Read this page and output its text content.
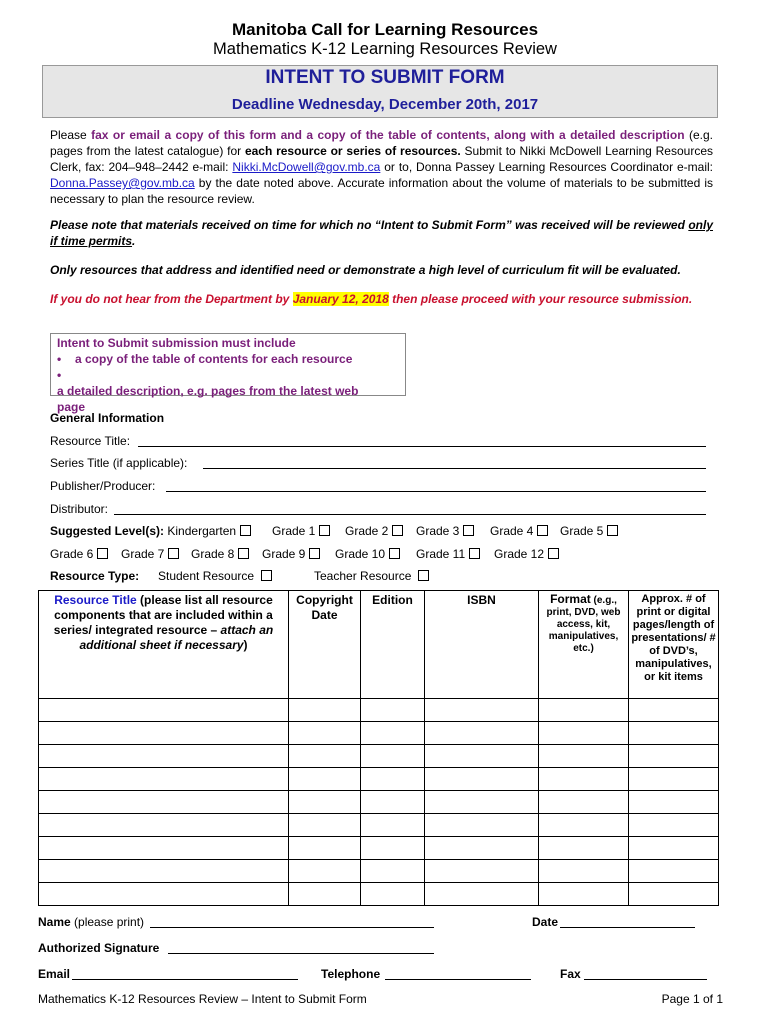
Manitoba Call for Learning Resources
Mathematics K-12 Learning Resources Review
INTENT TO SUBMIT FORM
Deadline Wednesday, December 20th, 2017
Please fax or email a copy of this form and a copy of the table of contents, along with a detailed description (e.g. pages from the latest catalogue) for each resource or series of resources. Submit to Nikki McDowell Learning Resources Clerk, fax: 204–948–2442 e-mail: Nikki.McDowell@gov.mb.ca or to, Donna Passey Learning Resources Coordinator e-mail: Donna.Passey@gov.mb.ca by the date noted above. Accurate information about the volume of materials to be submitted is necessary to plan the resource review.
Please note that materials received on time for which no “Intent to Submit Form” was received will be reviewed only if time permits.
Only resources that address and identified need or demonstrate a high level of curriculum fit will be evaluated.
If you do not hear from the Department by January 12, 2018 then please proceed with your resource submission.
Intent to Submit submission must include
• a copy of the table of contents for each resource
•a detailed description, e.g. pages from the latest web page
General Information
Resource Title:
Series Title (if applicable):
Publisher/Producer:
Distributor:
Suggested Level(s): Kindergarten	Grade 1	Grade 2	Grade 3	Grade 4	Grade 5
Grade 6	Grade 7	Grade 8	Grade 9	Grade 10	Grade 11	Grade 12
Resource Type: Student Resource	Teacher Resource
Resource Title (please list all resource components that are included within a series/ integrated resource – attach an additional sheet if necessary)	Copyright Date	Edition	ISBN	Format (e.g., print, DVD, web access, kit, manipulatives, etc.)	Approx. # of print or digital pages/length of presentations/ # of DVD’s, manipulatives, or kit items

Name (please print)	Date
Authorized Signature
Email	Telephone	Fax
Mathematics K-12 Resources Review – Intent to Submit Form	Page 1 of 1
